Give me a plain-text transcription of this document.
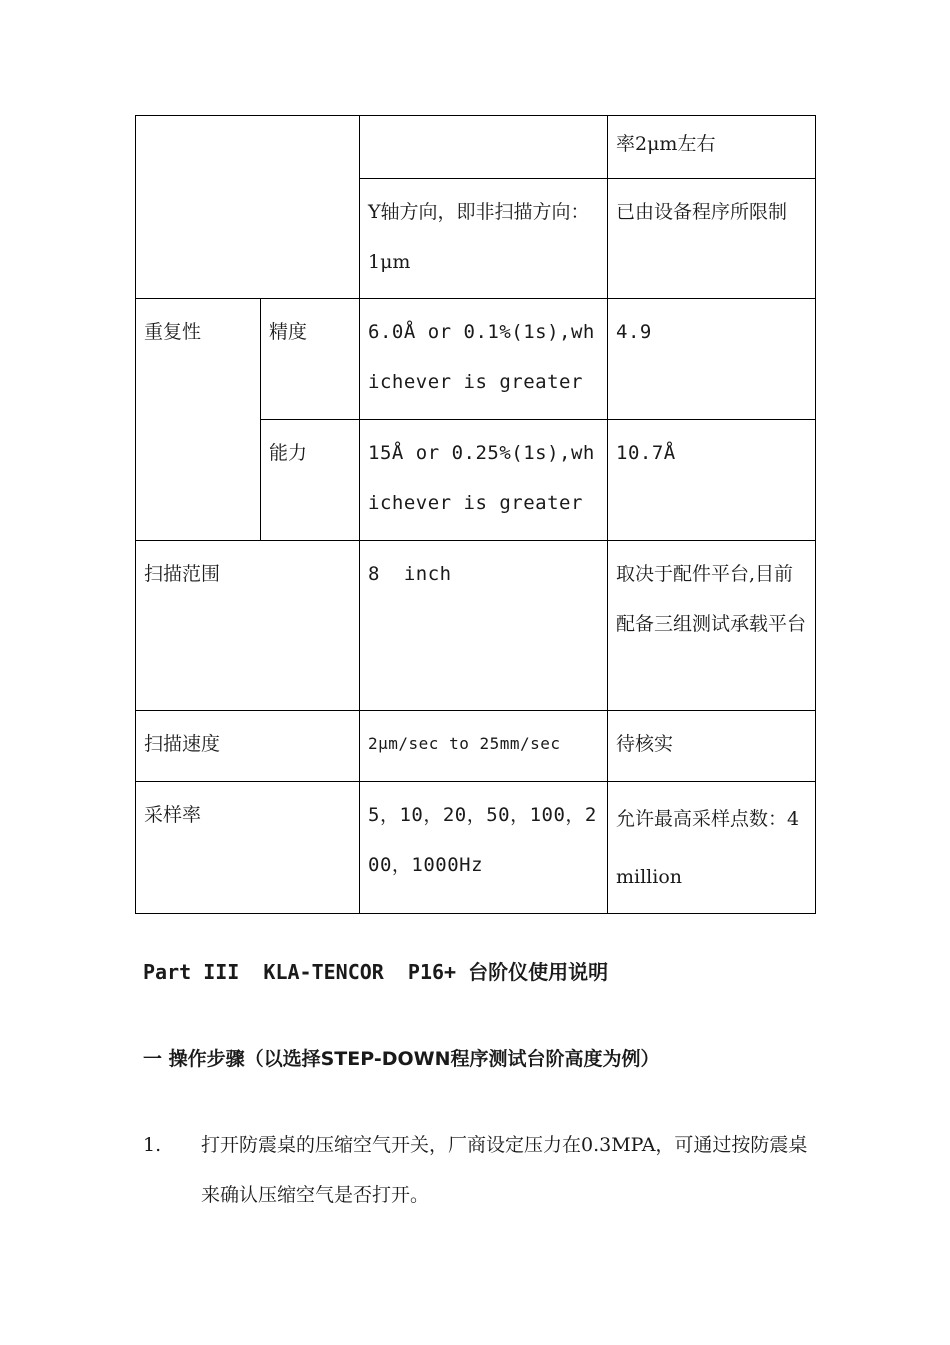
			率2μm左右
		Y轴方向，即非扫描方向：1μm	已由设备程序所限制
重复性	精度	6.0Å or 0.1%(1s),whichever is greater	4.9
	能力	15Å or 0.25%(1s),whichever is greater	10.7Å
扫描范围		8  inch	取决于配件平台,目前配备三组测试承载平台
扫描速度		2μm/sec to 25mm/sec	待核实
采样率		5，10，20，50，100，200，1000Hz	允许最高采样点数：4 million
Part III  KLA-TENCOR  P16+ 台阶仪使用说明
一 操作步骤（以选择STEP-DOWN程序测试台阶高度为例）
1.	打开防震桌的压缩空气开关，厂商设定压力在0.3MPA，可通过按防震桌来确认压缩空气是否打开。
